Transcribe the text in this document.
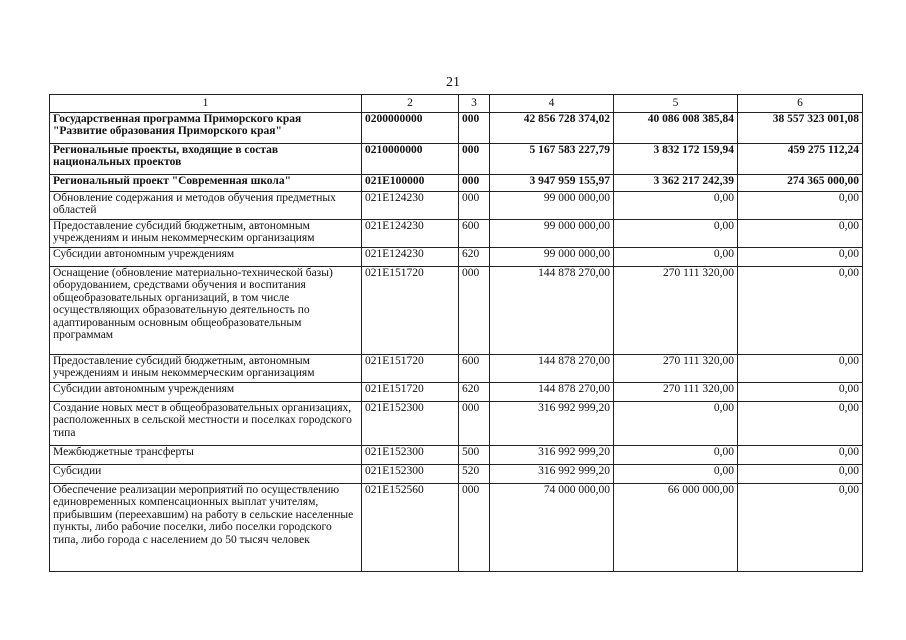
21
1	2	3	4	5	6
Государственная программа Приморского края "Развитие образования Приморского края"	0200000000	000	42 856 728 374,02	40 086 008 385,84	38 557 323 001,08
Региональные проекты, входящие в состав национальных проектов	0210000000	000	5 167 583 227,79	3 832 172 159,94	459 275 112,24
Региональный проект "Современная школа"	021E100000	000	3 947 959 155,97	3 362 217 242,39	274 365 000,00
Обновление содержания и методов обучения предметных областей	021E124230	000	99 000 000,00	0,00	0,00
Предоставление субсидий бюджетным, автономным учреждениям и иным некоммерческим организациям	021E124230	600	99 000 000,00	0,00	0,00
Субсидии автономным учреждениям	021E124230	620	99 000 000,00	0,00	0,00
Оснащение (обновление материально-технической базы) оборудованием, средствами обучения и воспитания общеобразовательных организаций, в том числе осуществляющих образовательную деятельность по адаптированным основным общеобразовательным программам	021E151720	000	144 878 270,00	270 111 320,00	0,00
Предоставление субсидий бюджетным, автономным учреждениям и иным некоммерческим организациям	021E151720	600	144 878 270,00	270 111 320,00	0,00
Субсидии автономным учреждениям	021E151720	620	144 878 270,00	270 111 320,00	0,00
Создание новых мест в общеобразовательных организациях, расположенных в сельской местности и поселках городского типа	021E152300	000	316 992 999,20	0,00	0,00
Межбюджетные трансферты	021E152300	500	316 992 999,20	0,00	0,00
Субсидии	021E152300	520	316 992 999,20	0,00	0,00
Обеспечение реализации мероприятий по осуществлению единовременных компенсационных выплат учителям, прибывшим (переехавшим) на работу в сельские населенные пункты, либо рабочие поселки, либо поселки городского типа, либо города с населением до 50 тысяч человек	021E152560	000	74 000 000,00	66 000 000,00	0,00
